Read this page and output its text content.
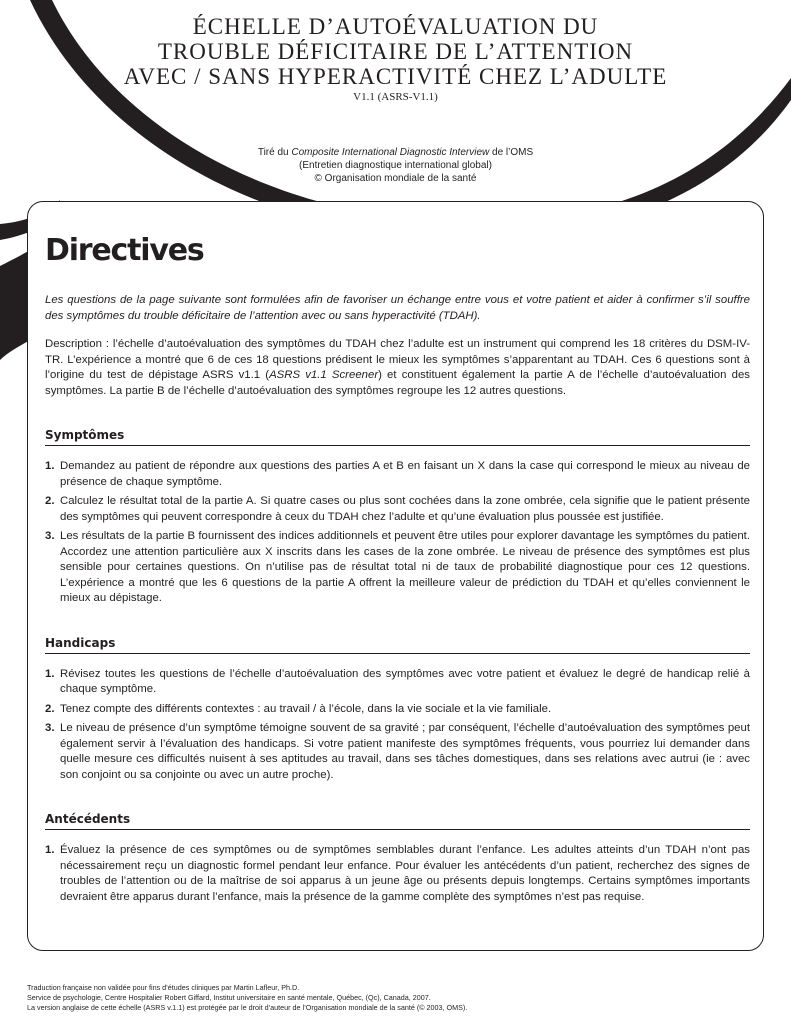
ÉCHELLE D’AUTOÉVALUATION DU
TROUBLE DÉFICITAIRE DE L’ATTENTION
AVEC / SANS HYPERACTIVITÉ CHEZ L’ADULTE
V1.1 (ASRS-V1.1)
Tiré du Composite International Diagnostic Interview de l’OMS
(Entretien diagnostique international global)
© Organisation mondiale de la santé
Directives

Les questions de la page suivante sont formulées afin de favoriser un échange entre vous et votre patient et aider à confirmer s’il souffre des symptômes du trouble déficitaire de l’attention avec ou sans hyperactivité (TDAH).

Description : l’échelle d’autoévaluation des symptômes du TDAH chez l’adulte est un instrument qui comprend les 18 critères du DSM-IV-TR. L’expérience a montré que 6 de ces 18 questions prédisent le mieux les symptômes s’apparentant au TDAH. Ces 6 questions sont à l’origine du test de dépistage ASRS v1.1 (ASRS v1.1 Screener) et constituent également la partie A de l’échelle d’autoévaluation des symptômes. La partie B de l’échelle d’autoévaluation des symptômes regroupe les 12 autres questions.

Symptômes
1. Demandez au patient de répondre aux questions des parties A et B en faisant un X dans la case qui correspond le mieux au niveau de présence de chaque symptôme.

2. Calculez le résultat total de la partie A. Si quatre cases ou plus sont cochées dans la zone ombrée, cela signifie que le patient présente des symptômes qui peuvent correspondre à ceux du TDAH chez l’adulte et qu’une évaluation plus poussée est justifiée.

3. Les résultats de la partie B fournissent des indices additionnels et peuvent être utiles pour explorer davantage les symptômes du patient. Accordez une attention particulière aux X inscrits dans les cases de la zone ombrée. Le niveau de présence des symptômes est plus sensible pour certaines questions. On n’utilise pas de résultat total ni de taux de probabilité diagnostique pour ces 12 questions. L’expérience a montré que les 6 questions de la partie A offrent la meilleure valeur de prédiction du TDAH et qu’elles conviennent le mieux au dépistage.

Handicaps
1. Révisez toutes les questions de l’échelle d’autoévaluation des symptômes avec votre patient et évaluez le degré de handicap relié à chaque symptôme.

2. Tenez compte des différents contextes : au travail / à l’école, dans la vie sociale et la vie familiale.

3. Le niveau de présence d’un symptôme témoigne souvent de sa gravité ; par conséquent, l’échelle d’autoévaluation des symptômes peut également servir à l’évaluation des handicaps. Si votre patient manifeste des symptômes fréquents, vous pourriez lui demander dans quelle mesure ces difficultés nuisent à ses aptitudes au travail, dans ses tâches domestiques, dans ses relations avec autrui (ie : avec son conjoint ou sa conjointe ou avec un autre proche).

Antécédents
1. Évaluez la présence de ces symptômes ou de symptômes semblables durant l’enfance. Les adultes atteints d’un TDAH n’ont pas nécessairement reçu un diagnostic formel pendant leur enfance. Pour évaluer les antécédents d’un patient, recherchez des signes de troubles de l’attention ou de la maîtrise de soi apparus à un jeune âge ou présents depuis longtemps. Certains symptômes importants devraient être apparus durant l’enfance, mais la présence de la gamme complète des symptômes n’est pas requise.

Traduction française non validée pour fins d’études cliniques par Martin Lafleur, Ph.D.
Service de psychologie, Centre Hospitalier Robert Giffard, Institut universitaire en santé mentale, Québec, (Qc), Canada, 2007.
La version anglaise de cette échelle (ASRS v.1.1) est protégée par le droit d’auteur de l’Organisation mondiale de la santé (© 2003, OMS).
